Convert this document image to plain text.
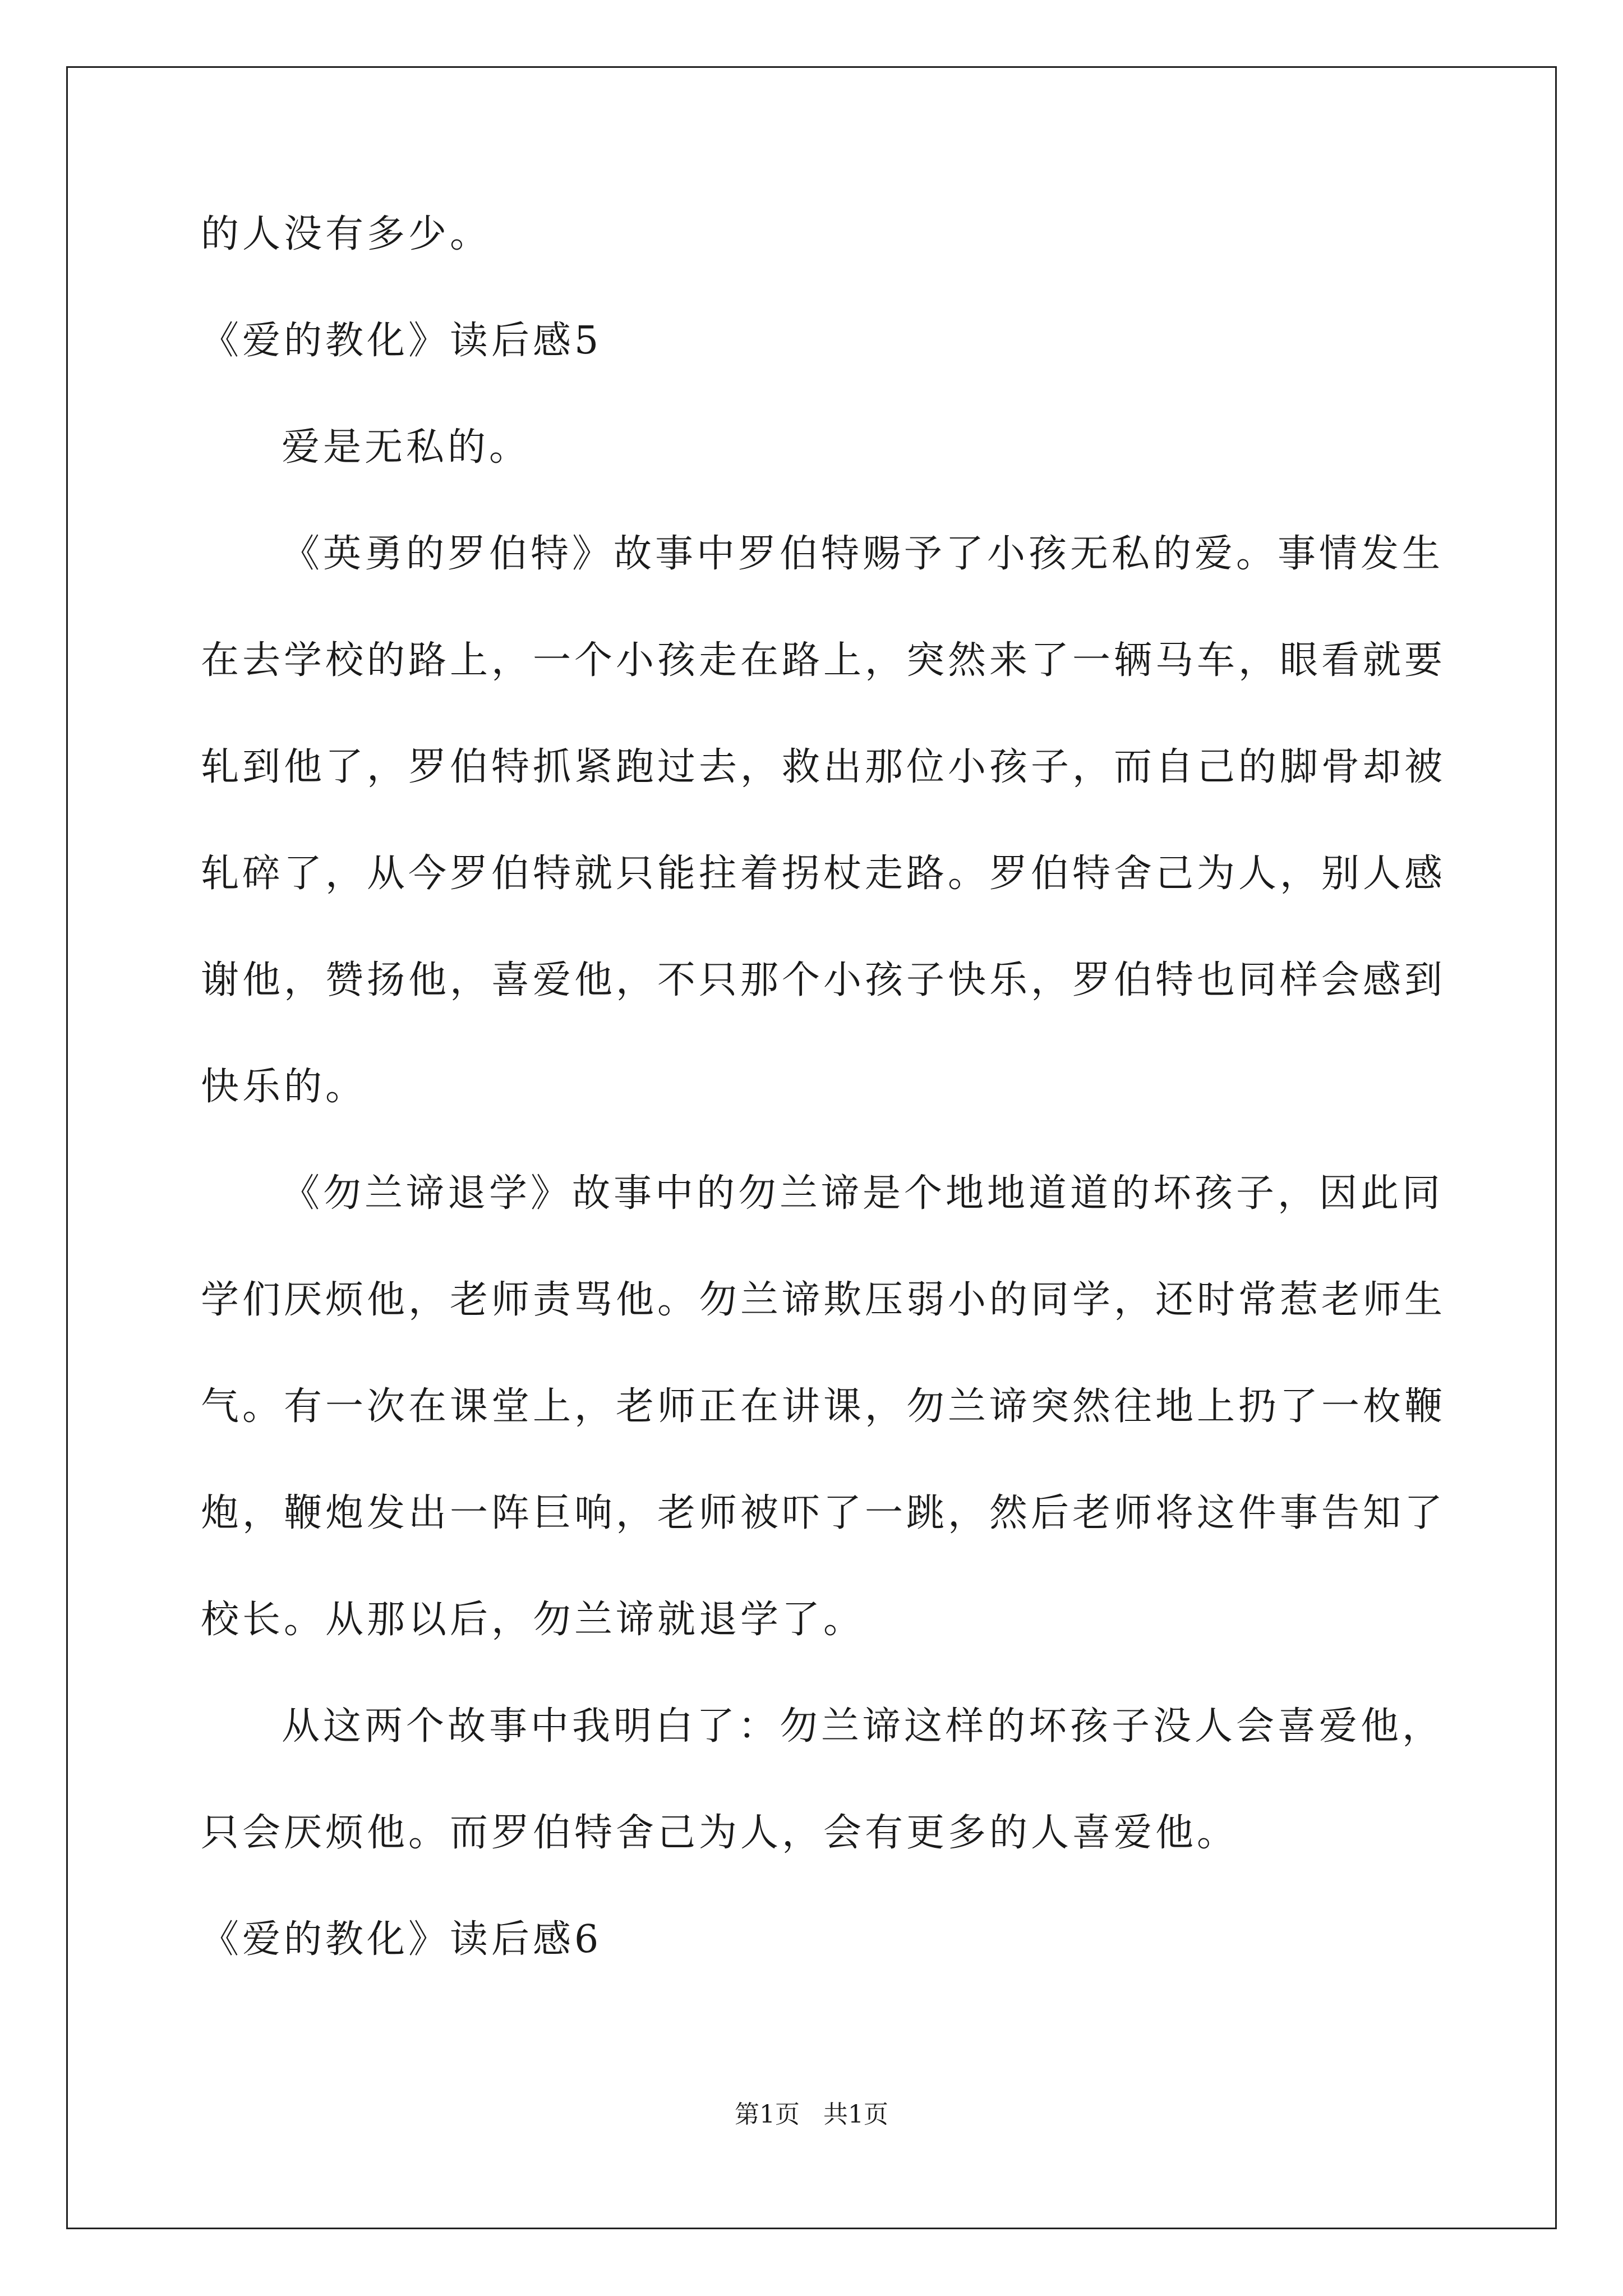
的人没有多少。
《爱的教化》读后感5
爱是无私的。
《英勇的罗伯特》故事中罗伯特赐予了小孩无私的爱。事情发生
在去学校的路上，一个小孩走在路上，突然来了一辆马车，眼看就要
轧到他了，罗伯特抓紧跑过去，救出那位小孩子，而自己的脚骨却被
轧碎了，从今罗伯特就只能拄着拐杖走路。罗伯特舍己为人，别人感
谢他，赞扬他，喜爱他，不只那个小孩子快乐，罗伯特也同样会感到
快乐的。
《勿兰谛退学》故事中的勿兰谛是个地地道道的坏孩子，因此同
学们厌烦他，老师责骂他。勿兰谛欺压弱小的同学，还时常惹老师生
气。有一次在课堂上，老师正在讲课，勿兰谛突然往地上扔了一枚鞭
炮，鞭炮发出一阵巨响，老师被吓了一跳，然后老师将这件事告知了
校长。从那以后，勿兰谛就退学了。
从这两个故事中我明白了：勿兰谛这样的坏孩子没人会喜爱他，
只会厌烦他。而罗伯特舍己为人，会有更多的人喜爱他。
《爱的教化》读后感6
第1页   共1页
